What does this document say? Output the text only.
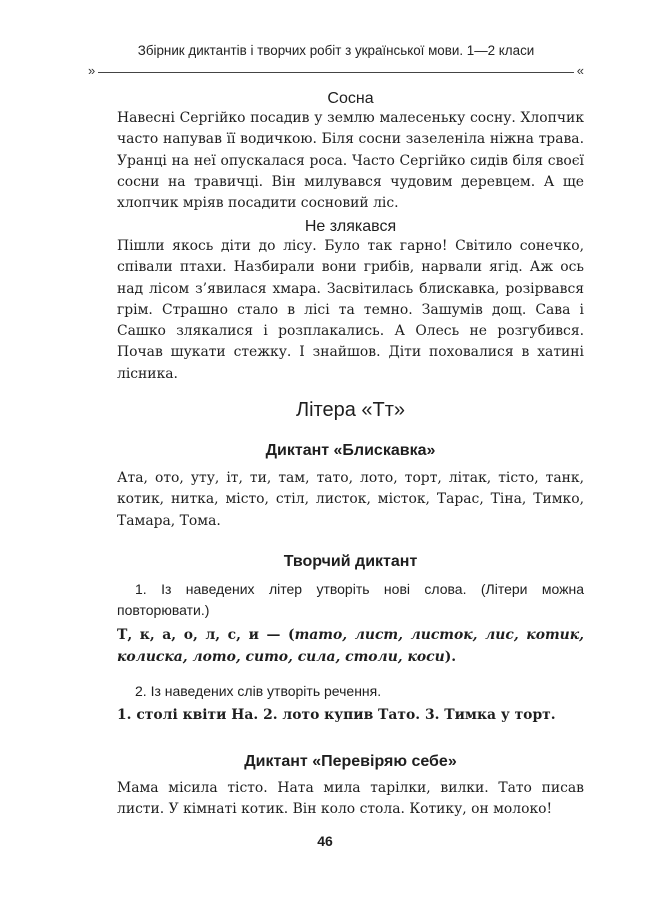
Збірник диктантів і творчих робіт з української мови. 1—2 класи
»	«
Сосна

Навесні Сергійко посадив у землю малесеньку сосну. Хлопчик часто напував її водичкою. Біля сосни зазеленіла ніжна трава. Уранці на неї опускалася роса. Часто Сергійко сидів біля своєї сосни на травичці. Він милувався чудовим деревцем. А ще хлопчик мріяв посадити сосновий ліс.

Не злякався

Пішли якось діти до лісу. Було так гарно! Світило сонечко, співали птахи. Назбирали вони грибів, нарвали ягід. Аж ось над лісом з’явилася хмара. Засвітилась блискавка, розірвався грім. Страшно стало в лісі та темно. Зашумів дощ. Сава і Сашко злякалися і розплакались. А Олесь не розгубився. Почав шукати стежку. І знайшов. Діти поховалися в хатині лісника.

Літера «Тт»
Диктант «Блискавка»

Ата, ото, уту, іт, ти, там, тато, лото, торт, літак, тісто, танк, котик, нитка, місто, стіл, листок, місток, Тарас, Тіна, Тимко, Тамара, Тома.

Творчий диктант

1. Із наведених літер утворіть нові слова. (Літери можна повторювати.)

Т, к, а, о, л, с, и — (тато, лист, листок, лис, котик, колиска, лото, сито, сила, столи, коси).

2. Із наведених слів утворіть речення.

1. столі квіти На. 2. лото купив Тато. 3. Тимка у торт.

Диктант «Перевіряю себе»

Мама місила тісто. Ната мила тарілки, вилки. Тато писав листи. У кімнаті котик. Він коло стола. Котику, он молоко!

46
